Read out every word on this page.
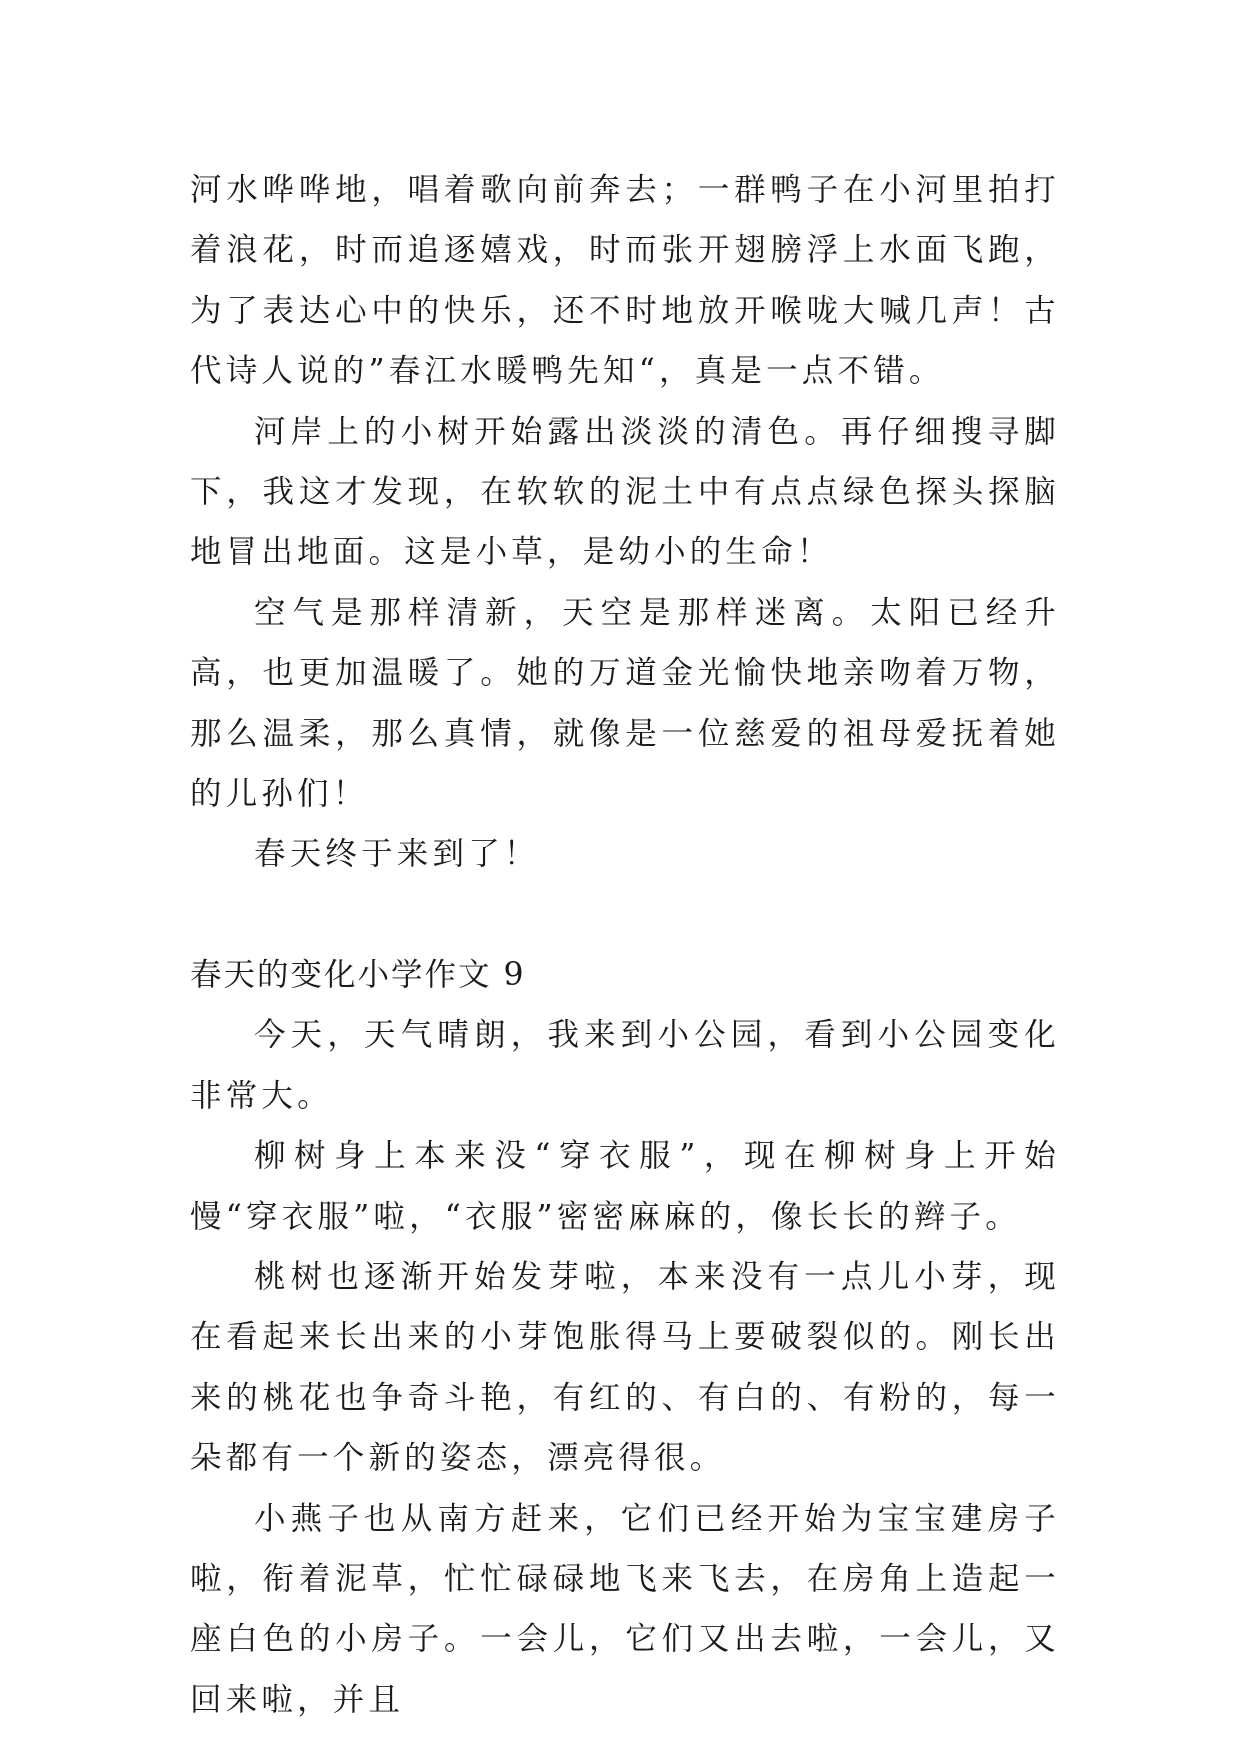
河水哗哗地，唱着歌向前奔去；一群鸭子在小河里拍打着浪花，时而追逐嬉戏，时而张开翅膀浮上水面飞跑，为了表达心中的快乐，还不时地放开喉咙大喊几声！古代诗人说的”春江水暖鸭先知“，真是一点不错。

河岸上的小树开始露出淡淡的清色。再仔细搜寻脚下，我这才发现，在软软的泥土中有点点绿色探头探脑地冒出地面。这是小草，是幼小的生命！

空气是那样清新，天空是那样迷离。太阳已经升高，也更加温暖了。她的万道金光愉快地亲吻着万物，那么温柔，那么真情，就像是一位慈爱的祖母爱抚着她的儿孙们！

春天终于来到了！

春天的变化小学作文 9

今天，天气晴朗，我来到小公园，看到小公园变化非常大。

柳树身上本来没“穿衣服”，现在柳树身上开始慢“穿衣服”啦，“衣服”密密麻麻的，像长长的辫子。

桃树也逐渐开始发芽啦，本来没有一点儿小芽，现在看起来长出来的小芽饱胀得马上要破裂似的。刚长出来的桃花也争奇斗艳，有红的、有白的、有粉的，每一朵都有一个新的姿态，漂亮得很。

小燕子也从南方赶来，它们已经开始为宝宝建房子啦，衔着泥草，忙忙碌碌地飞来飞去，在房角上造起一座白色的小房子。一会儿，它们又出去啦，一会儿，又回来啦，并且
